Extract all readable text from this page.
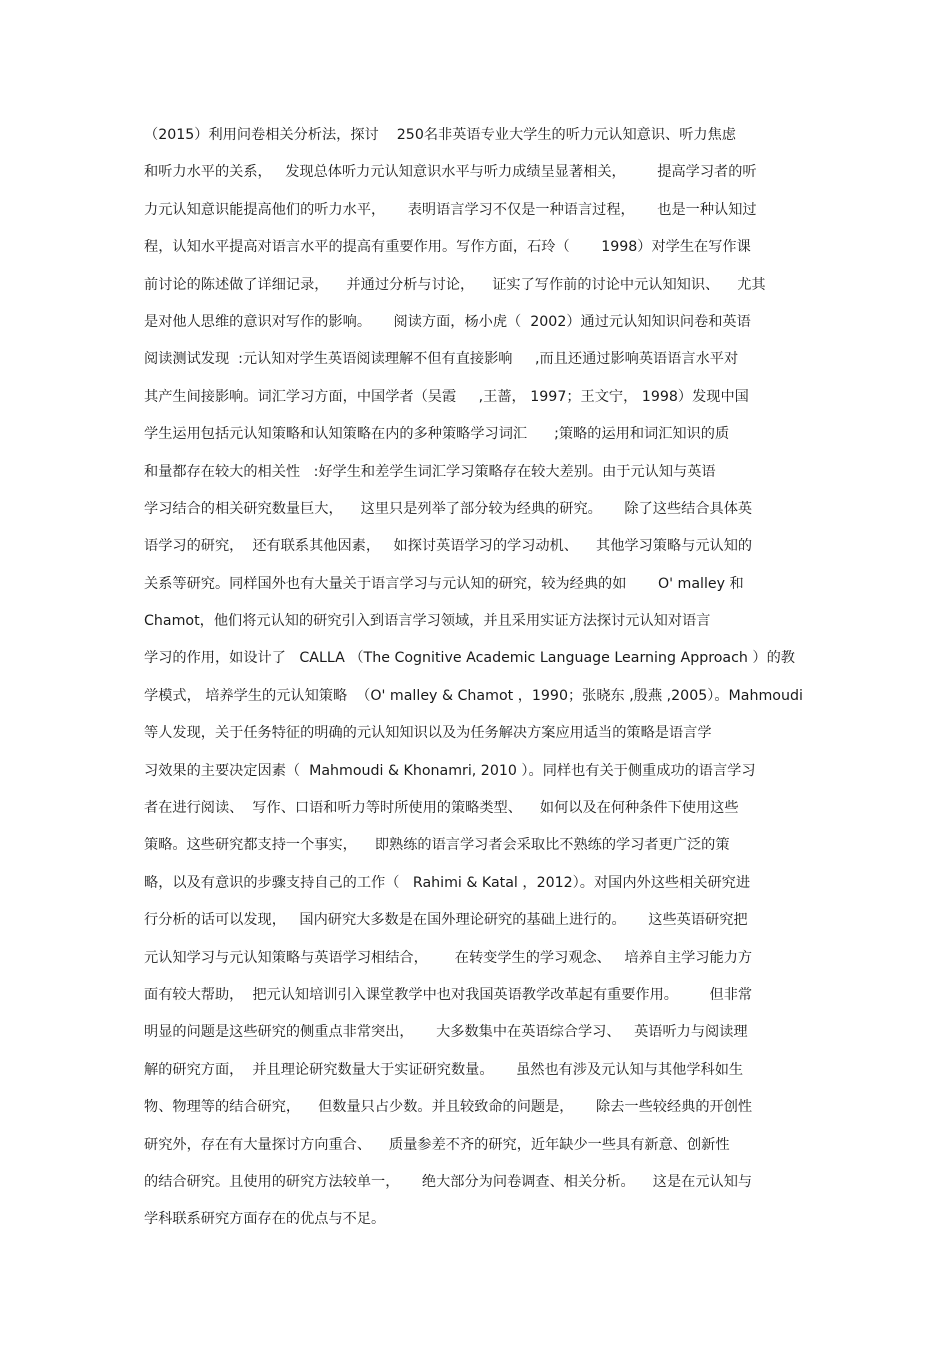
（2015）利用问卷相关分析法，探讨    250名非英语专业大学生的听力元认知意识、听力焦虑
和听力水平的关系，   发现总体听力元认知意识水平与听力成绩呈显著相关，       提高学习者的听
力元认知意识能提高他们的听力水平，     表明语言学习不仅是一种语言过程，     也是一种认知过
程，认知水平提高对语言水平的提高有重要作用。写作方面，石玲（       1998）对学生在写作课
前讨论的陈述做了详细记录，    并通过分析与讨论，    证实了写作前的讨论中元认知知识、    尤其
是对他人思维的意识对写作的影响。     阅读方面，杨小虎（  2002）通过元认知知识问卷和英语
阅读测试发现  :元认知对学生英语阅读理解不但有直接影响     ,而且还通过影响英语语言水平对
其产生间接影响。词汇学习方面，中国学者（吴霞     ,王蔷， 1997；王文宁， 1998）发现中国
学生运用包括元认知策略和认知策略在内的多种策略学习词汇      ;策略的运用和词汇知识的质
和量都存在较大的相关性   :好学生和差学生词汇学习策略存在较大差别。由于元认知与英语
学习结合的相关研究数量巨大，    这里只是列举了部分较为经典的研究。     除了这些结合具体英
语学习的研究，  还有联系其他因素，   如探讨英语学习的学习动机、    其他学习策略与元认知的
关系等研究。同样国外也有大量关于语言学习与元认知的研究，较为经典的如       O' malley 和
Chamot，他们将元认知的研究引入到语言学习领域，并且采用实证方法探讨元认知对语言
学习的作用，如设计了   CALLA （The Cognitive Academic Language Learning Approach ）的教
学模式， 培养学生的元认知策略  （O' malley & Chamot ，1990；张晓东 ,殷燕 ,2005）。Mahmoudi
等人发现，关于任务特征的明确的元认知知识以及为任务解决方案应用适当的策略是语言学
习效果的主要决定因素（  Mahmoudi & Khonamri, 2010 ）。同样也有关于侧重成功的语言学习
者在进行阅读、  写作、口语和听力等时所使用的策略类型、    如何以及在何种条件下使用这些
策略。这些研究都支持一个事实，    即熟练的语言学习者会采取比不熟练的学习者更广泛的策
略，以及有意识的步骤支持自己的工作（   Rahimi & Katal ，2012）。对国内外这些相关研究进
行分析的话可以发现，   国内研究大多数是在国外理论研究的基础上进行的。     这些英语研究把
元认知学习与元认知策略与英语学习相结合，      在转变学生的学习观念、   培养自主学习能力方
面有较大帮助，  把元认知培训引入课堂教学中也对我国英语教学改革起有重要作用。       但非常
明显的问题是这些研究的侧重点非常突出，     大多数集中在英语综合学习、   英语听力与阅读理
解的研究方面，  并且理论研究数量大于实证研究数量。     虽然也有涉及元认知与其他学科如生
物、物理等的结合研究，    但数量只占少数。并且较致命的问题是，     除去一些较经典的开创性
研究外，存在有大量探讨方向重合、    质量参差不齐的研究，近年缺少一些具有新意、创新性
的结合研究。且使用的研究方法较单一，     绝大部分为问卷调查、相关分析。    这是在元认知与
学科联系研究方面存在的优点与不足。
